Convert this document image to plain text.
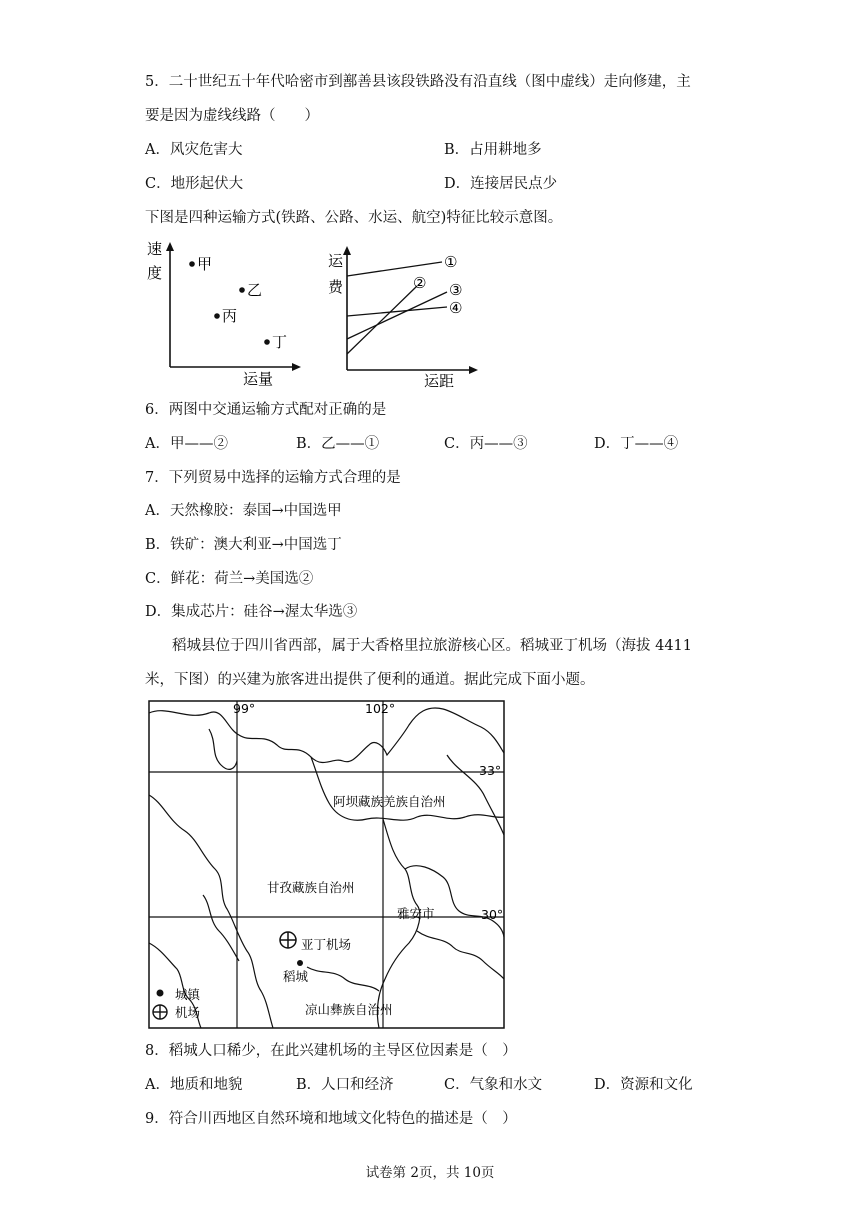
5．二十世纪五十年代哈密市到鄯善县该段铁路没有沿直线（图中虚线）走向修建，主
要是因为虚线线路（　　）
A．风灾危害大	B．占用耕地多
C．地形起伏大	D．连接居民点少
下图是四种运输方式(铁路、公路、水运、航空)特征比较示意图。
速
度 甲
乙
丙
丁
运量
运
费
①
② ③
④
运距
6．两图中交通运输方式配对正确的是
A．甲——②	B．乙——①	C．丙——③	D．丁——④
7．下列贸易中选择的运输方式合理的是
A．天然橡胶：泰国→中国选甲
B．铁矿：澳大利亚→中国选丁
C．鲜花：荷兰→美国选②
D．集成芯片：硅谷→渥太华选③
稻城县位于四川省西部，属于大香格里拉旅游核心区。稻城亚丁机场（海拔 4411
米，下图）的兴建为旅客进出提供了便利的通道。据此完成下面小题。
99°	102°
33°
30°
阿坝藏族羌族自治州
甘孜藏族自治州
雅安市
亚丁机场
稻城
凉山彝族自治州
城镇
机场
8．稻城人口稀少，在此兴建机场的主导区位因素是（　）
A．地质和地貌	B．人口和经济	C．气象和水文	D．资源和文化
9．符合川西地区自然环境和地域文化特色的描述是（　）
试卷第 2页，共 10页
